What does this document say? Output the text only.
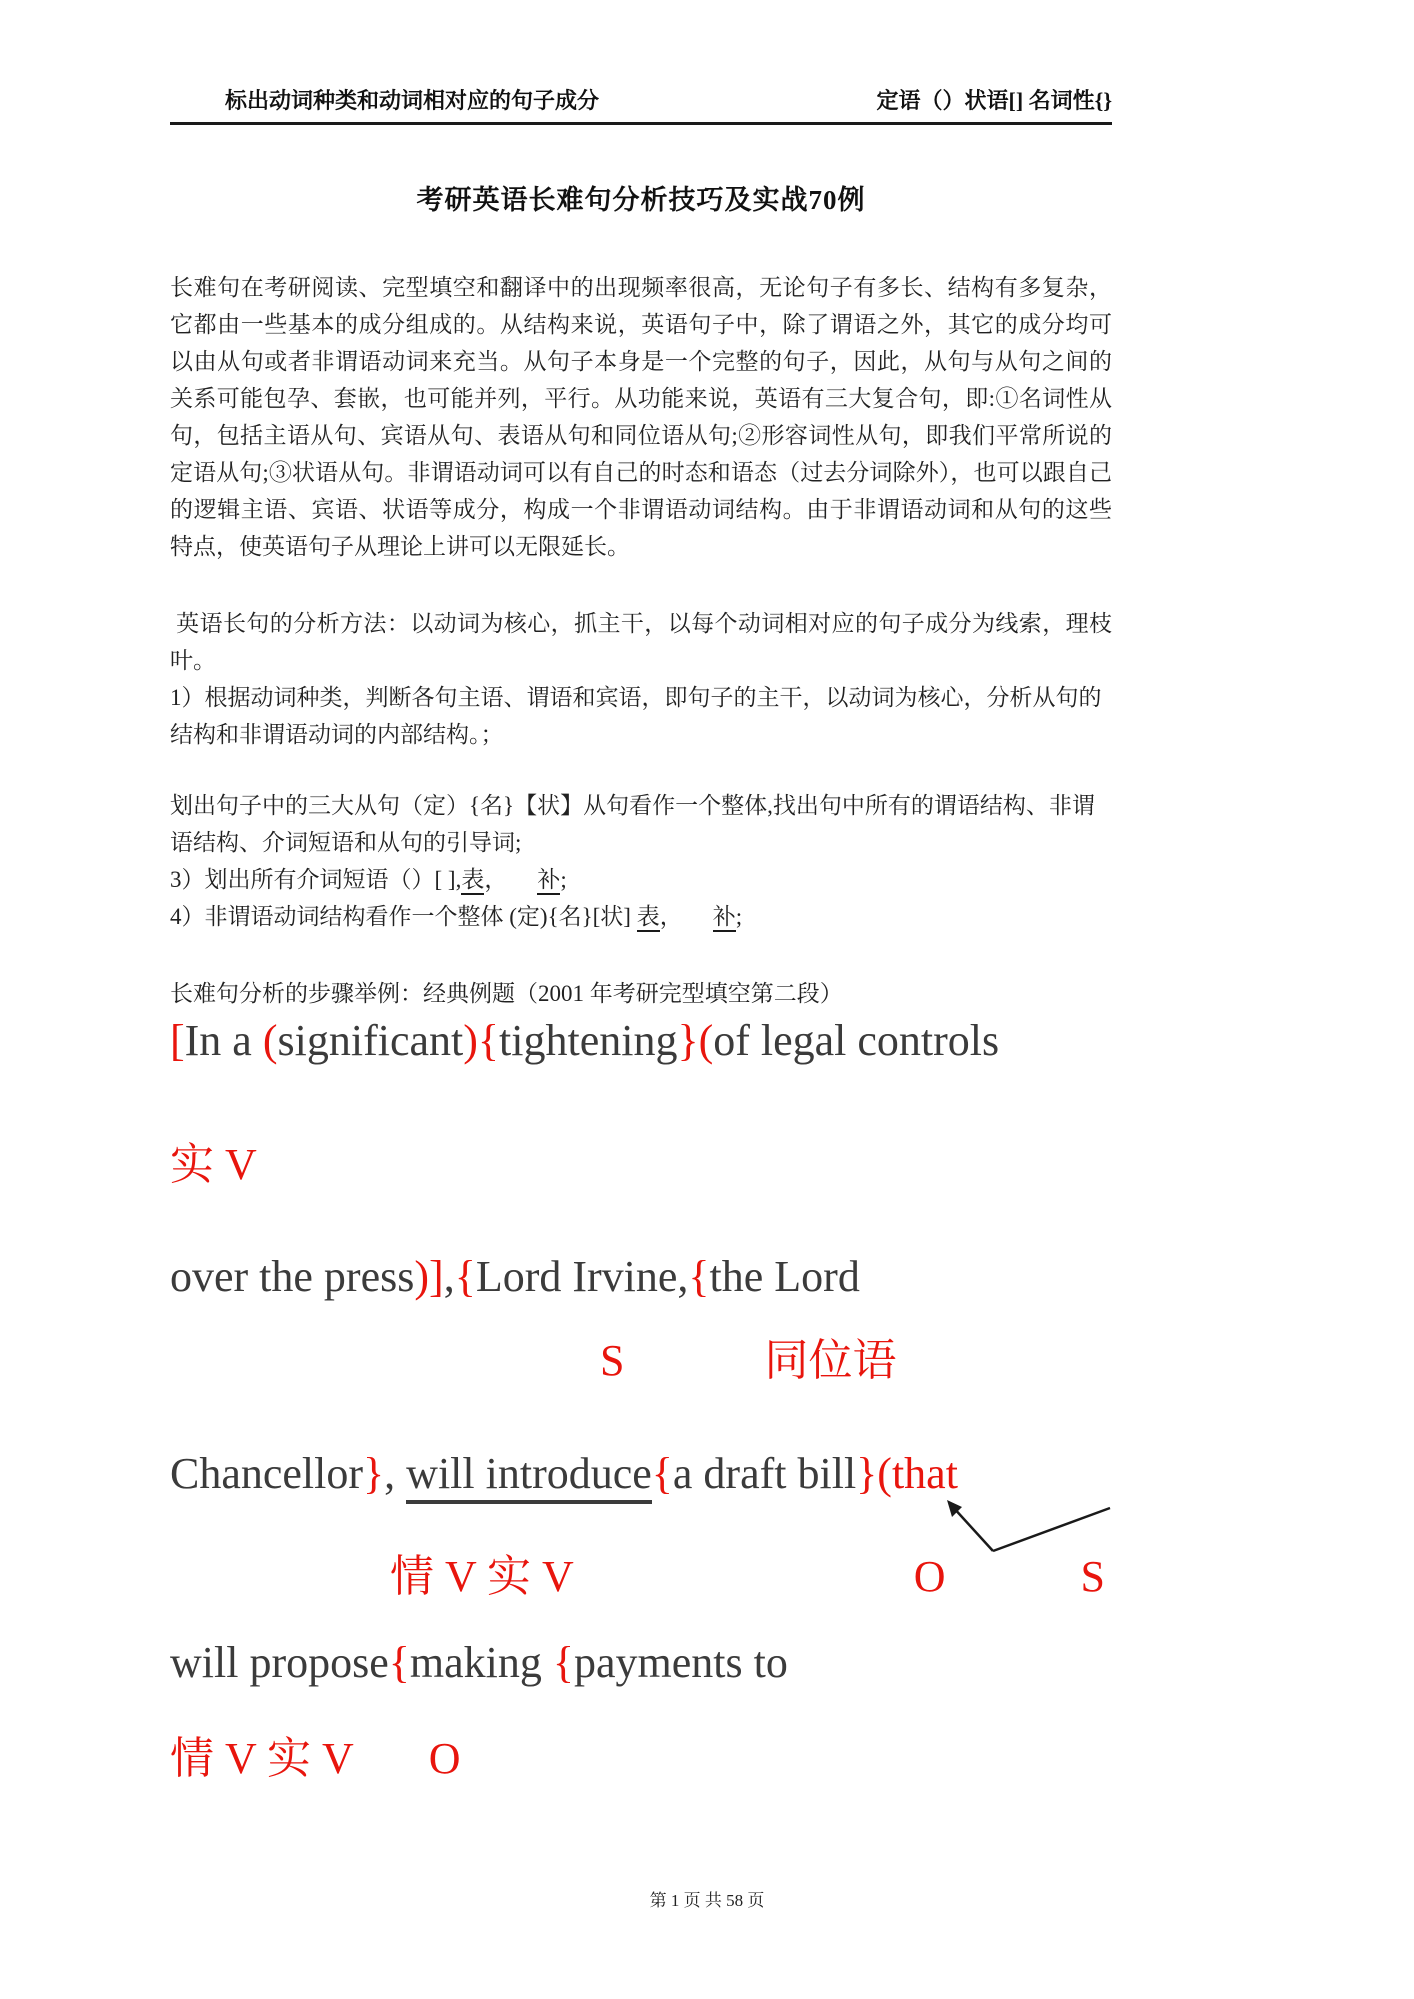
标出动词种类和动词相对应的句子成分	定语（）状语[] 名词性{}
考研英语长难句分析技巧及实战70例

长难句在考研阅读、完型填空和翻译中的出现频率很高，无论句子有多长、结构有多复杂，它都由一些基本的成分组成的。从结构来说，英语句子中，除了谓语之外，其它的成分均可以由从句或者非谓语动词来充当。从句子本身是一个完整的句子，因此，从句与从句之间的关系可能包孕、套嵌，也可能并列，平行。从功能来说，英语有三大复合句，即:①名词性从句，包括主语从句、宾语从句、表语从句和同位语从句;②形容词性从句，即我们平常所说的定语从句;③状语从句。非谓语动词可以有自己的时态和语态（过去分词除外），也可以跟自己的逻辑主语、宾语、状语等成分，构成一个非谓语动词结构。由于非谓语动词和从句的这些特点，使英语句子从理论上讲可以无限延长。

英语长句的分析方法：以动词为核心，抓主干，以每个动词相对应的句子成分为线索，理枝叶。

1）根据动词种类，判断各句主语、谓语和宾语，即句子的主干，以动词为核心，分析从句的结构和非谓语动词的内部结构。；

划出句子中的三大从句（定）{名}【状】从句看作一个整体,找出句中所有的谓语结构、非谓语结构、介词短语和从句的引导词;

3）划出所有介词短语（）[ ],表， 补;

4）非谓语动词结构看作一个整体 (定){名}[状] 表， 补;

长难句分析的步骤举例：经典例题（2001 年考研完型填空第二段）

[In a (significant){tightening}(of legal controls
实 V
over the press)],{Lord Irvine,{the Lord
S	同位语
Chancellor}, will introduce{a draft bill}(that
情 V 实 V	O	S
will propose{making {payments to
情 V 实 V O
第 1 页 共 58 页
